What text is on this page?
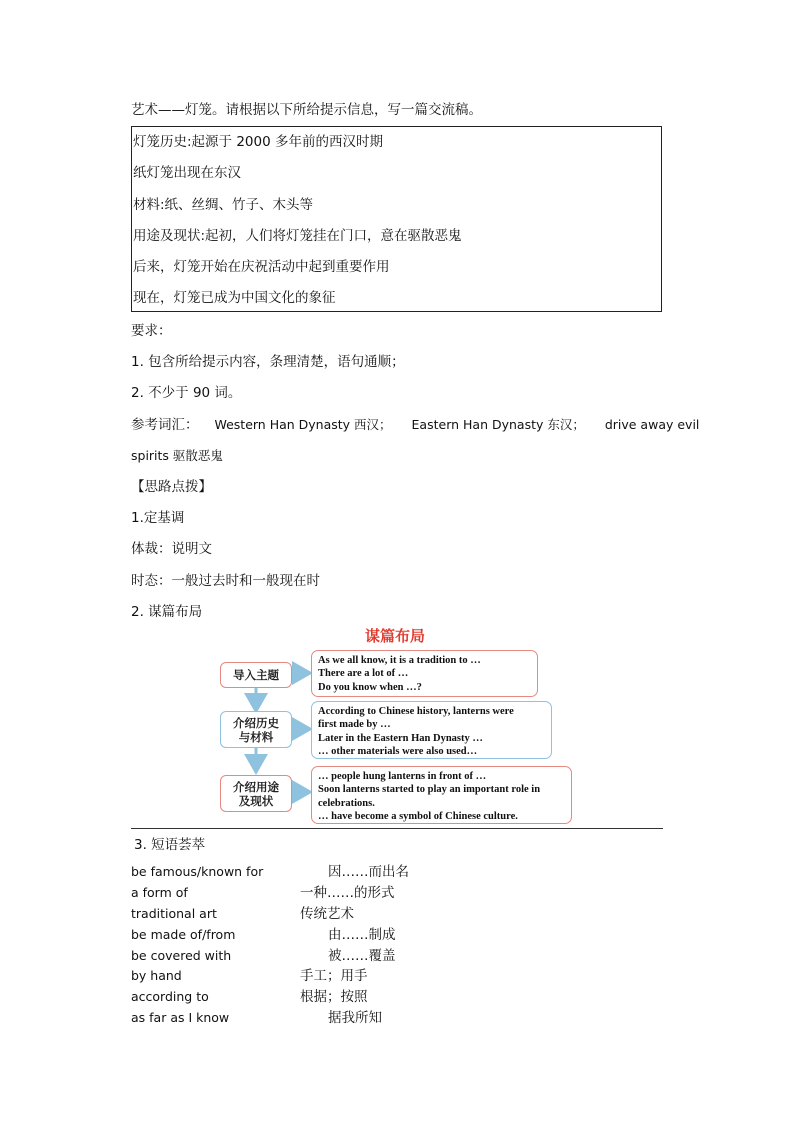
艺术——灯笼。请根据以下所给提示信息，写一篇交流稿。
灯笼历史:起源于 2000 多年前的西汉时期
纸灯笼出现在东汉
材料:纸、丝绸、竹子、木头等
用途及现状:起初，人们将灯笼挂在门口，意在驱散恶鬼
后来，灯笼开始在庆祝活动中起到重要作用
现在，灯笼已成为中国文化的象征
要求：
1. 包含所给提示内容，条理清楚，语句通顺；
2. 不少于 90 词。
参考词汇： Western Han Dynasty 西汉； Eastern Han Dynasty 东汉； drive away evil
spirits 驱散恶鬼
【思路点拨】
1.定基调
体裁：说明文
时态：一般过去时和一般现在时
2. 谋篇布局
谋篇布局
导入主题
介绍历史
与材料
介绍用途
及现状
As we all know, it is a tradition to …
There are a lot of …
Do you know when …?
According to Chinese history, lanterns were
first made by …
Later in the Eastern Han Dynasty …
… other materials were also used…
… people hung lanterns in front of …
Soon lanterns started to play an important role in
celebrations.
… have become a symbol of Chinese culture.
3. 短语荟萃
be famous/known for	因……而出名
a form of	一种……的形式
traditional art	传统艺术
be made of/from	由……制成
be covered with	被……覆盖
by hand	手工；用手
according to	根据；按照
as far as I know	据我所知
